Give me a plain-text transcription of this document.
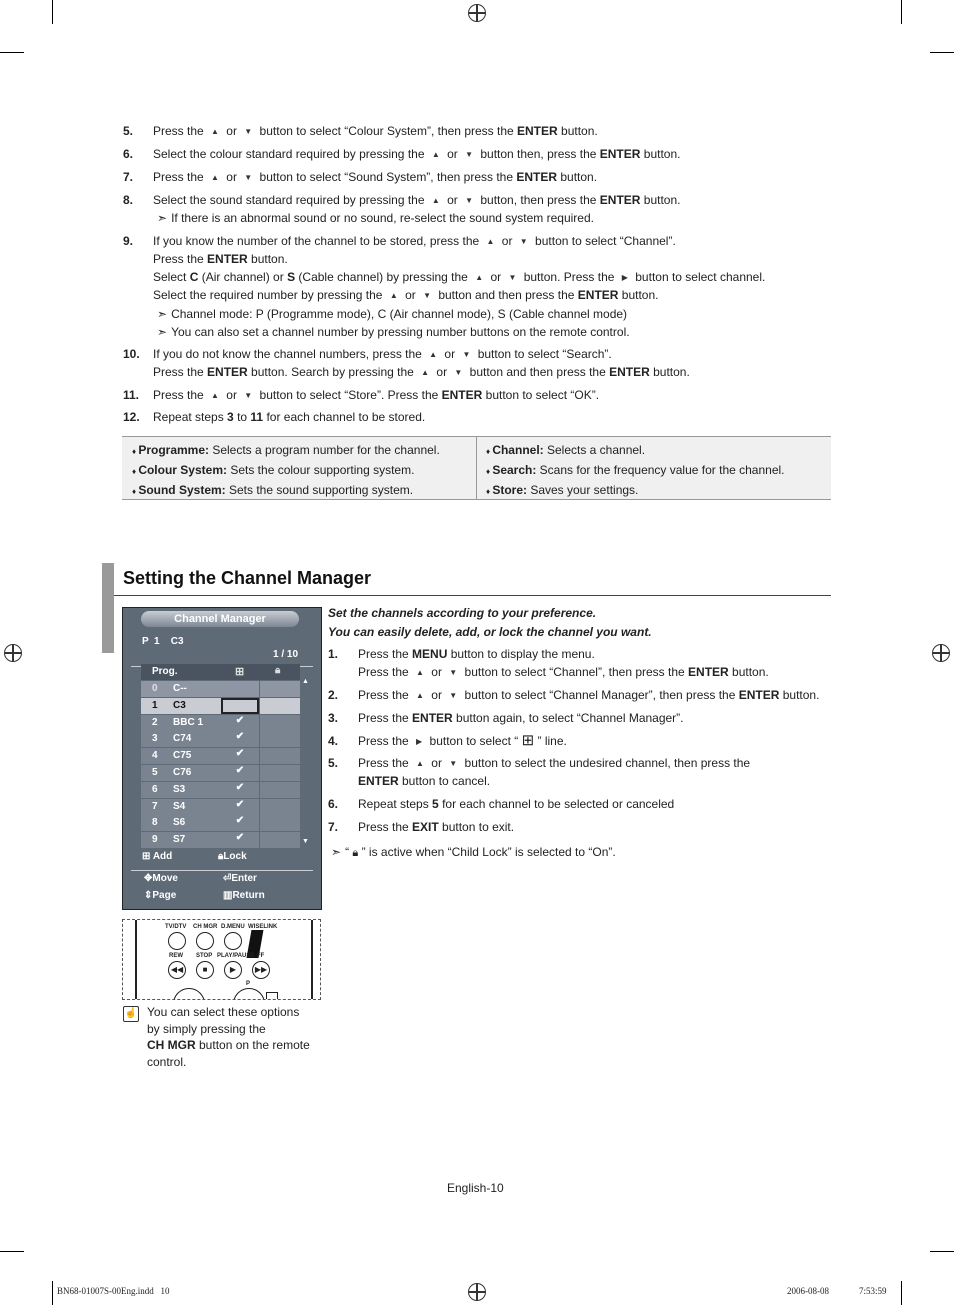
5.	Press the ▲ or ▼ button to select “Colour System”, then press the ENTER button.
6.	Select the colour standard required by pressing the ▲ or ▼ button then, press the ENTER button.
7.	Press the ▲ or ▼ button to select “Sound System”, then press the ENTER button.
8.	Select the sound standard required by pressing the ▲ or ▼ button, then press the ENTER button.
➣ If there is an abnormal sound or no sound, re-select the sound system required.
9.	If you know the number of the channel to be stored, press the ▲ or ▼ button to select “Channel”.
Press the ENTER button.
Select C (Air channel) or S (Cable channel) by pressing the ▲ or ▼ button. Press the ▶ button to select channel.
Select the required number by pressing the ▲ or ▼ button and then press the ENTER button.
➣ Channel mode: P (Programme mode), C (Air channel mode), S (Cable channel mode)
➣ You can also set a channel number by pressing number buttons on the remote control.
10.	If you do not know the channel numbers, press the ▲ or ▼ button to select “Search”.
Press the ENTER button. Search by pressing the ▲ or ▼ button and then press the ENTER button.
11.	Press the ▲ or ▼ button to select “Store”. Press the ENTER button to select “OK”.
12.	Repeat steps 3 to 11 for each channel to be stored.
♦ Programme: Selects a program number for the channel.
♦ Colour System: Sets the colour supporting system.
♦ Sound System: Sets the sound supporting system.
♦ Channel: Selects a channel.
♦ Search: Scans for the frequency value for the channel.
♦ Store: Saves your settings.
Setting the Channel Manager
Channel Manager
P  1    C3
1 / 10
Prog.	⊞	🔒︎
0 C--
1 C3
2 BBC 1	✔
3 C74	✔
4 C75	✔
5 C76	✔
6 S3	✔
7 S4	✔
8 S6	✔
9 S7	✔
▲
▼
⊞ Add	🔒︎Lock
✥Move	⏎Enter
⇕Page	▥Return
TV/DTV CH MGR D.MENU WISELINK
REW STOP PLAY/PAUSE FF
◀◀	■	▶	▶▶
P
☝ You can select these options
by simply pressing the
CH MGR button on the remote
control.
Set the channels according to your preference.
You can easily delete, add, or lock the channel you want.
1. Press the MENU button to display the menu.
Press the ▲ or ▼ button to select “Channel”, then press the ENTER button.
2. Press the ▲ or ▼ button to select “Channel Manager”, then press the ENTER button.
3. Press the ENTER button again, to select “Channel Manager”.
4. Press the ▶ button to select “ ⊞ ” line.
5. Press the ▲ or ▼ button to select the undesired channel, then press the
ENTER button to cancel.
6. Repeat steps 5 for each channel to be selected or canceled
7. Press the EXIT button to exit.
➣ “ 🔒︎ ” is active when “Child Lock” is selected to “On”.
English-10
BN68-01007S-00Eng.indd   10	2006-08-08	7:53:59
